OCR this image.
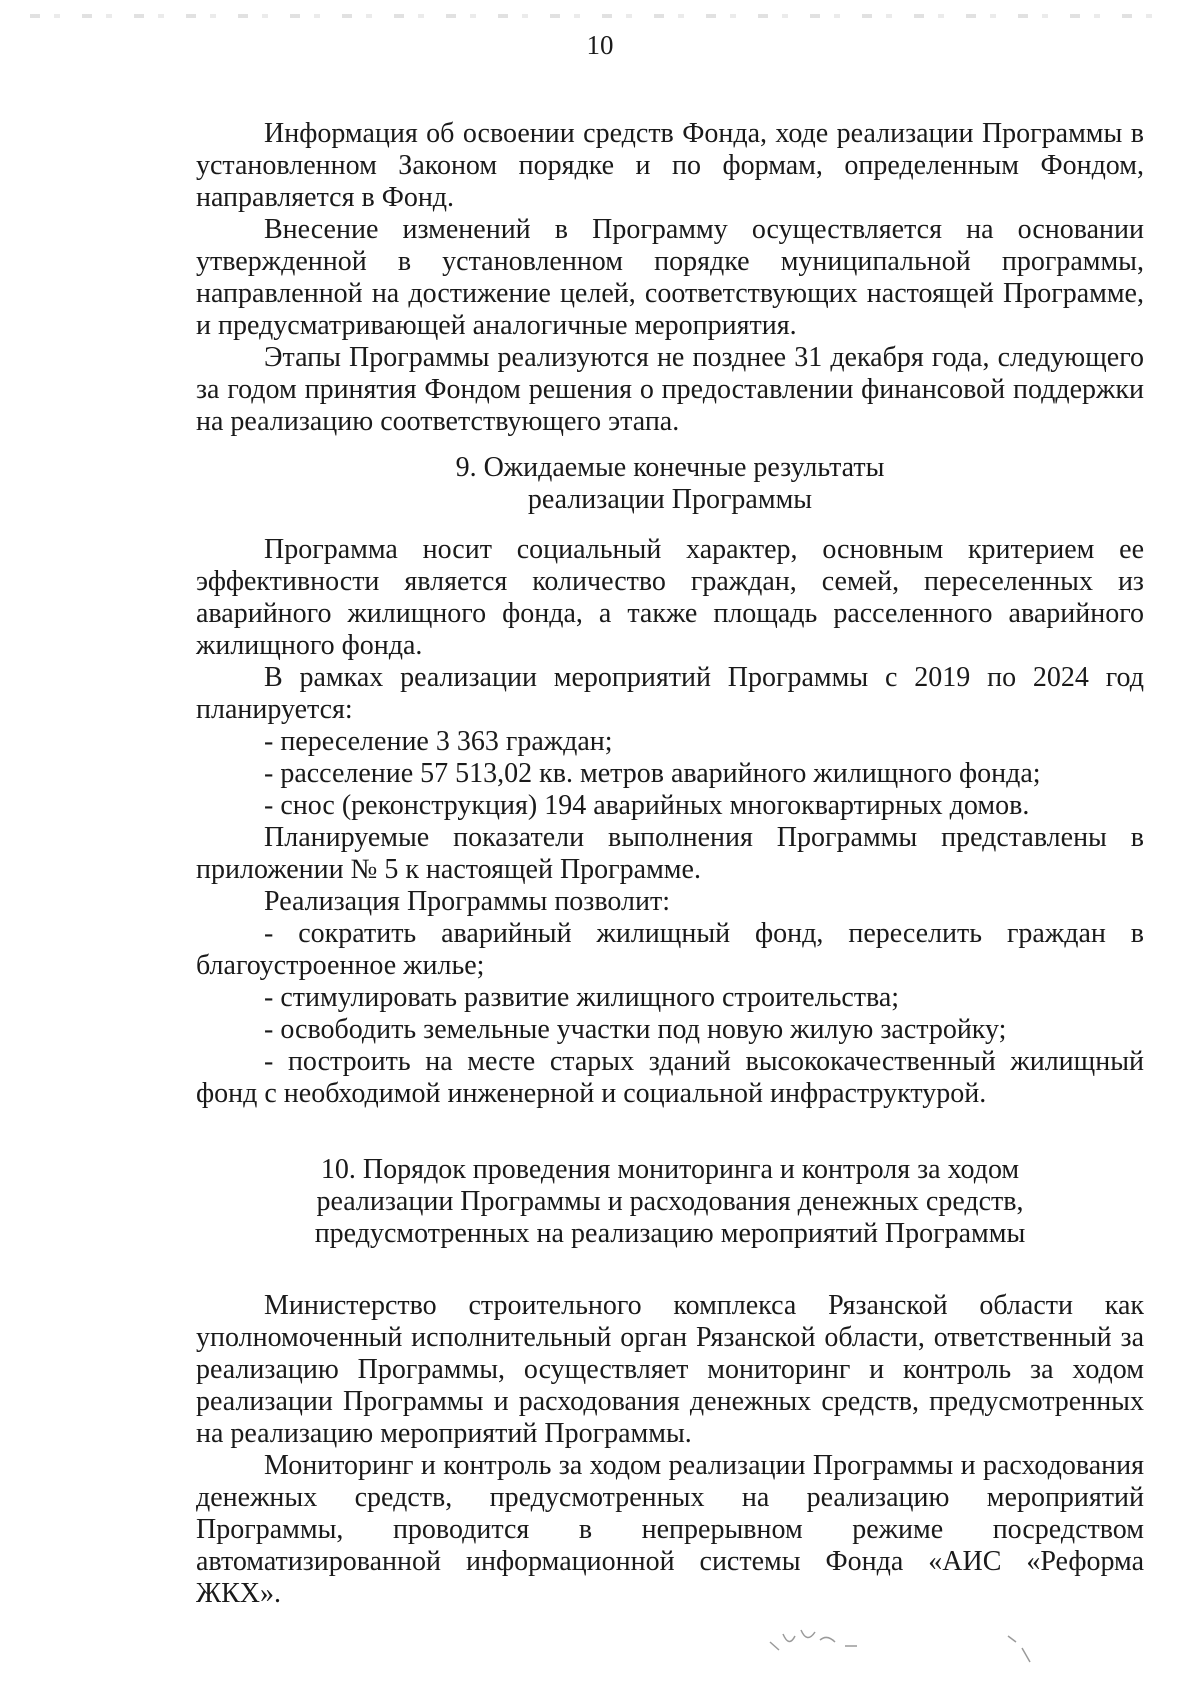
10

Информация об освоении средств Фонда, ходе реализации Программы в установленном Законом порядке и по формам, определенным Фондом, направляется в Фонд.

Внесение изменений в Программу осуществляется на основании утвержденной в установленном порядке муниципальной программы, направленной на достижение целей, соответствующих настоящей Программе, и предусматривающей аналогичные мероприятия.

Этапы Программы реализуются не позднее 31 декабря года, следующего за годом принятия Фондом решения о предоставлении финансовой поддержки на реализацию соответствующего этапа.

9. Ожидаемые конечные результаты
реализации Программы

Программа носит социальный характер, основным критерием ее эффективности является количество граждан, семей, переселенных из аварийного жилищного фонда, а также площадь расселенного аварийного жилищного фонда.

В рамках реализации мероприятий Программы с 2019 по 2024 год планируется:

- переселение 3 363 граждан;

- расселение 57 513,02 кв. метров аварийного жилищного фонда;

- снос (реконструкция) 194 аварийных многоквартирных домов.

Планируемые показатели выполнения Программы представлены в приложении № 5 к настоящей Программе.

Реализация Программы позволит:

- сократить аварийный жилищный фонд, переселить граждан в благоустроенное жилье;

- стимулировать развитие жилищного строительства;

- освободить земельные участки под новую жилую застройку;

- построить на месте старых зданий высококачественный жилищный фонд с необходимой инженерной и социальной инфраструктурой.

10. Порядок проведения мониторинга и контроля за ходом
реализации Программы и расходования денежных средств,
предусмотренных на реализацию мероприятий Программы

Министерство строительного комплекса Рязанской области как уполномоченный исполнительный орган Рязанской области, ответственный за реализацию Программы, осуществляет мониторинг и контроль за ходом реализации Программы и расходования денежных средств, предусмотренных на реализацию мероприятий Программы.

Мониторинг и контроль за ходом реализации Программы и расходования денежных средств, предусмотренных на реализацию мероприятий Программы, проводится в непрерывном режиме посредством автоматизированной информационной системы Фонда «АИС «Реформа ЖКХ».
